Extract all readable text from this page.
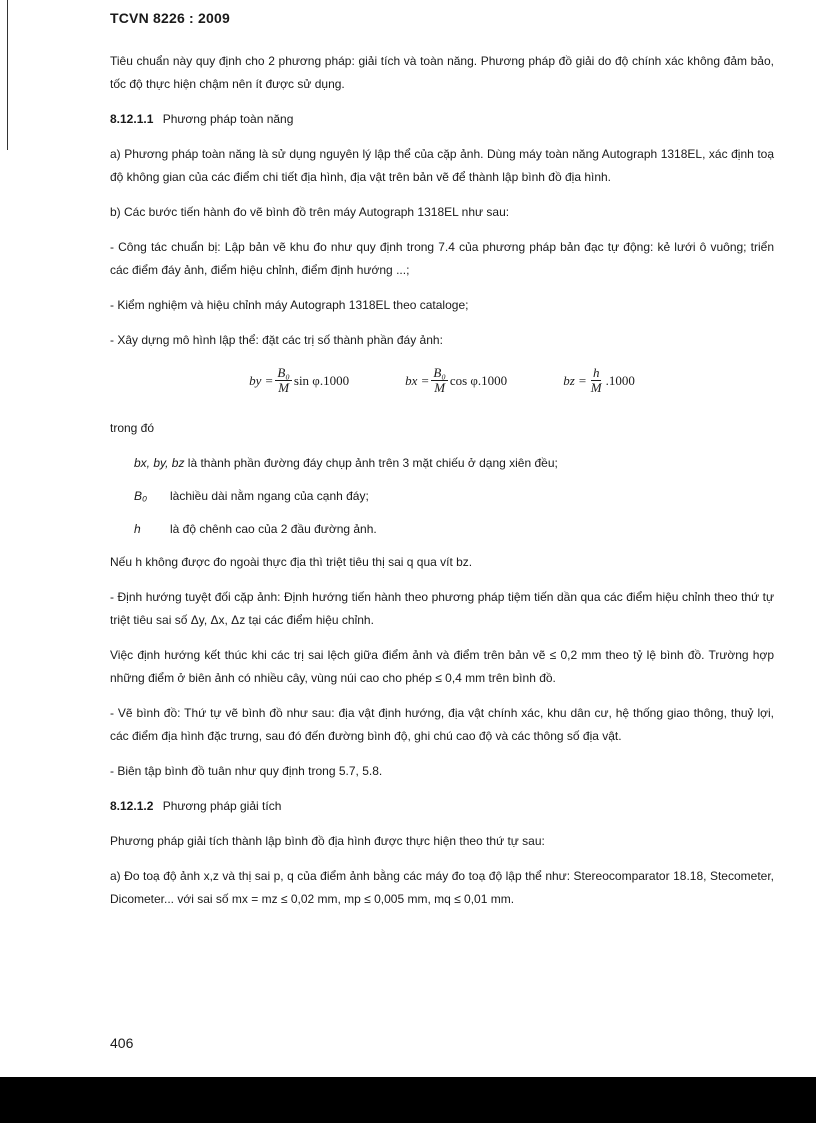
TCVN 8226 : 2009

Tiêu chuẩn này quy định cho 2 phương pháp: giải tích và toàn năng. Phương pháp đồ giải do độ chính xác không đảm bảo, tốc độ thực hiện chậm nên ít được sử dụng.

8.12.1.1 Phương pháp toàn năng

a) Phương pháp toàn năng là sử dụng nguyên lý lập thể của cặp ảnh. Dùng máy toàn năng Autograph 1318EL, xác định toạ độ không gian của các điểm chi tiết địa hình, địa vật trên bản vẽ để thành lập bình đồ địa hình.

b) Các bước tiến hành đo vẽ bình đồ trên máy Autograph 1318EL như sau:

- Công tác chuẩn bị: Lập bản vẽ khu đo như quy định trong 7.4 của phương pháp bản đạc tự động: kẻ lưới ô vuông; triển các điểm đáy ảnh, điểm hiệu chỉnh, điểm định hướng ...;

- Kiểm nghiệm và hiệu chỉnh máy Autograph 1318EL theo cataloge;

- Xây dựng mô hình lập thể: đặt các trị số thành phần đáy ảnh:

by = $\frac{\text{B₀}}{M}$ sin φ.1000	bx = $\frac{\text{B₀}}{M}$ cos φ.1000	bz = $\frac{h}{M} .1000$

trong đó

bx, by, bz là thành phần đường đáy chụp ảnh trên 3 mặt chiếu ở dạng xiên đều;
B₀	làchiều dài nằm ngang của cạnh đáy;
h	là độ chênh cao của 2 đầu đường ảnh.

Nếu h không được đo ngoài thực địa thì triệt tiêu thị sai q qua vít bz.

- Định hướng tuyệt đối cặp ảnh: Định hướng tiến hành theo phương pháp tiệm tiến dần qua các điểm hiệu chỉnh theo thứ tự triệt tiêu sai số Δy, Δx, Δz tại các điểm hiệu chỉnh.

Việc định hướng kết thúc khi các trị sai lệch giữa điểm ảnh và điểm trên bản vẽ ≤ 0,2 mm theo tỷ lệ bình đồ. Trường hợp những điểm ở biên ảnh có nhiều cây, vùng núi cao cho phép ≤ 0,4 mm trên bình đồ.

- Vẽ bình đồ: Thứ tự vẽ bình đồ như sau: địa vật định hướng, địa vật chính xác, khu dân cư, hệ thống giao thông, thuỷ lợi, các điểm địa hình đặc trưng, sau đó đến đường bình độ, ghi chú cao độ và các thông số địa vật.

- Biên tập bình đồ tuân như quy định trong 5.7, 5.8.

8.12.1.2 Phương pháp giải tích

Phương pháp giải tích thành lập bình đồ địa hình được thực hiện theo thứ tự sau:

a) Đo toạ độ ảnh x,z và thị sai p, q của điểm ảnh bằng các máy đo toạ độ lập thể như: Stereocomparator 18.18, Stecometer, Dicometer... với sai số mx = mz ≤ 0,02 mm, mp ≤ 0,005 mm, mq ≤ 0,01 mm.

406
